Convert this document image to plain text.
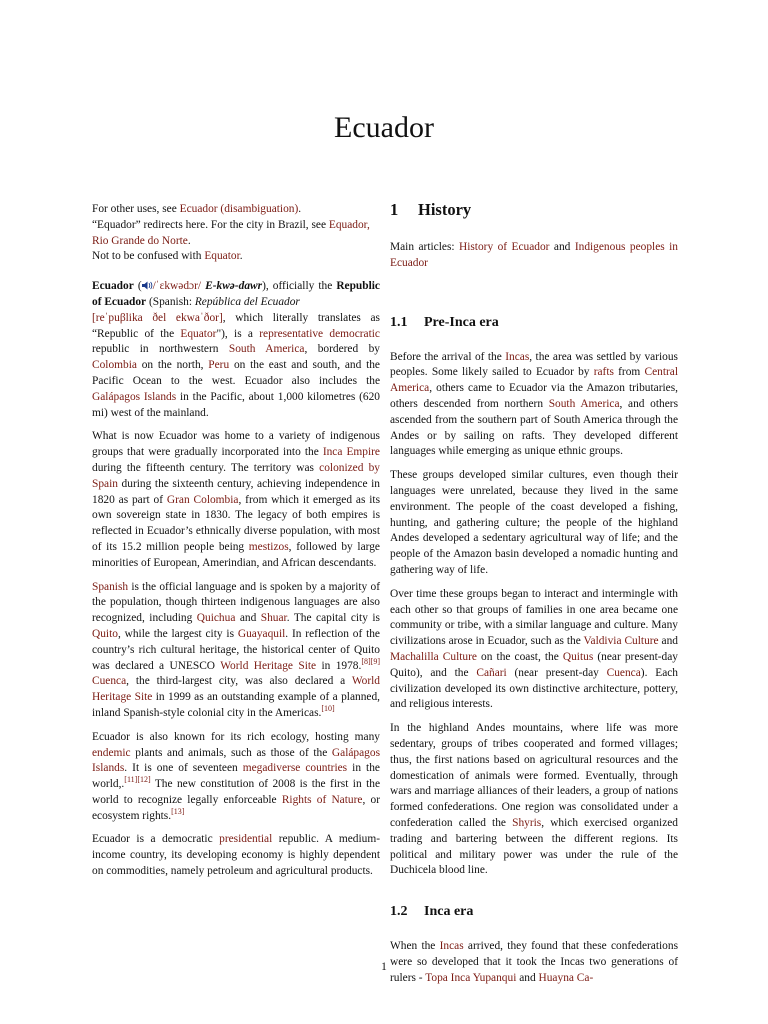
Ecuador
For other uses, see Ecuador (disambiguation).
“Equador” redirects here. For the city in Brazil, see Equador, Rio Grande do Norte.
Not to be confused with Equator.

Ecuador ( /ˈɛkwədɔr/ E-kwə-dawr), officially the Republic of Ecuador (Spanish: República del Ecuador
[reˈpuβlika ðel ekwaˈðor], which literally translates as “Republic of the Equator"), is a representative democratic republic in northwestern South America, bordered by Colombia on the north, Peru on the east and south, and the Pacific Ocean to the west. Ecuador also includes the Galápagos Islands in the Pacific, about 1,000 kilometres (620 mi) west of the mainland.

What is now Ecuador was home to a variety of indigenous groups that were gradually incorporated into the Inca Empire during the fifteenth century. The territory was colonized by Spain during the sixteenth century, achieving independence in 1820 as part of Gran Colombia, from which it emerged as its own sovereign state in 1830. The legacy of both empires is reflected in Ecuador’s ethnically diverse population, with most of its 15.2 million people being mestizos, followed by large minorities of European, Amerindian, and African descendants.

Spanish is the official language and is spoken by a majority of the population, though thirteen indigenous languages are also recognized, including Quichua and Shuar. The capital city is Quito, while the largest city is Guayaquil. In reflection of the country’s rich cultural heritage, the historical center of Quito was declared a UNESCO World Heritage Site in 1978.[8][9] Cuenca, the third-largest city, was also declared a World Heritage Site in 1999 as an outstanding example of a planned, inland Spanish-style colonial city in the Americas.[10]

Ecuador is also known for its rich ecology, hosting many endemic plants and animals, such as those of the Galápagos Islands. It is one of seventeen megadiverse countries in the world,.[11][12] The new constitution of 2008 is the first in the world to recognize legally enforceable Rights of Nature, or ecosystem rights.[13]

Ecuador is a democratic presidential republic. A medium-income country, its developing economy is highly dependent on commodities, namely petroleum and agricultural products.

1 History
Main articles: History of Ecuador and Indigenous peoples in Ecuador
1.1 Pre-Inca era

Before the arrival of the Incas, the area was settled by various peoples. Some likely sailed to Ecuador by rafts from Central America, others came to Ecuador via the Amazon tributaries, others descended from northern South America, and others ascended from the southern part of South America through the Andes or by sailing on rafts. They developed different languages while emerging as unique ethnic groups.

These groups developed similar cultures, even though their languages were unrelated, because they lived in the same environment. The people of the coast developed a fishing, hunting, and gathering culture; the people of the highland Andes developed a sedentary agricultural way of life; and the people of the Amazon basin developed a nomadic hunting and gathering way of life.

Over time these groups began to interact and intermingle with each other so that groups of families in one area became one community or tribe, with a similar language and culture. Many civilizations arose in Ecuador, such as the Valdivia Culture and Machalilla Culture on the coast, the Quitus (near present-day Quito), and the Cañari (near present-day Cuenca). Each civilization developed its own distinctive architecture, pottery, and religious interests.

In the highland Andes mountains, where life was more sedentary, groups of tribes cooperated and formed villages; thus, the first nations based on agricultural resources and the domestication of animals were formed. Eventually, through wars and marriage alliances of their leaders, a group of nations formed confederations. One region was consolidated under a confederation called the Shyris, which exercised organized trading and bartering between the different regions. Its political and military power was under the rule of the Duchicela blood line.

1.2 Inca era

When the Incas arrived, they found that these confederations were so developed that it took the Incas two generations of rulers - Topa Inca Yupanqui and Huayna Ca-

1
